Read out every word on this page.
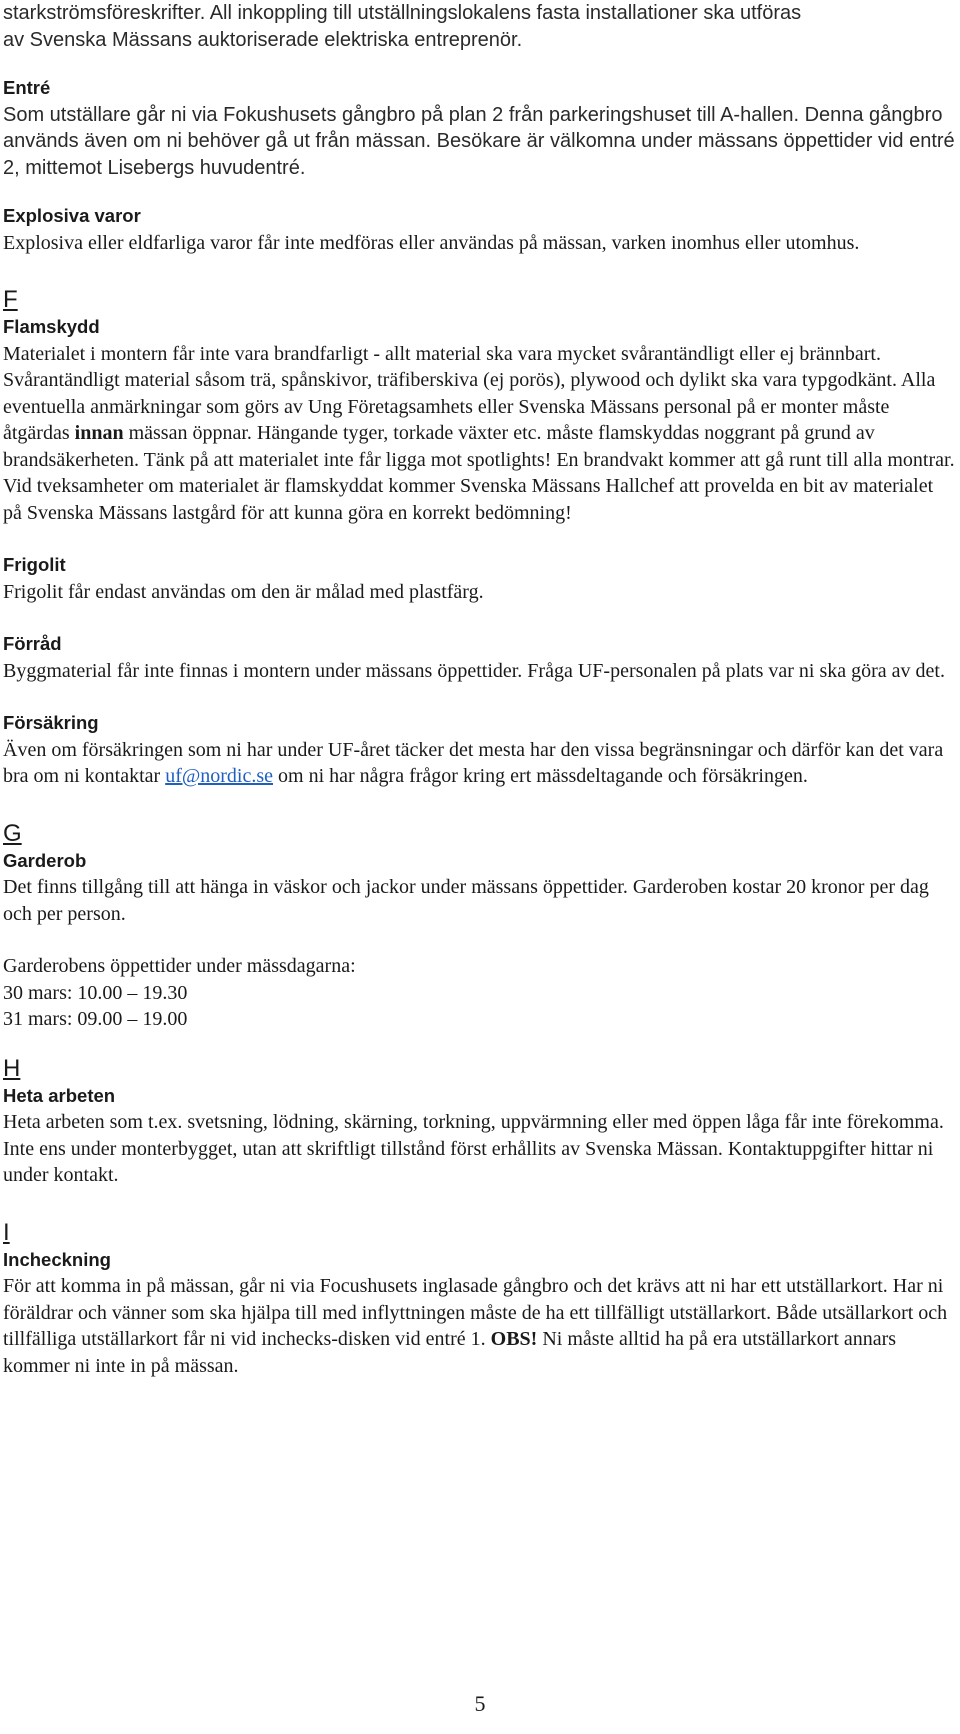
starkströmsföreskrifter. All inkoppling till utställningslokalens fasta installationer ska utföras
av Svenska Mässans auktoriserade elektriska entreprenör.

Entré

Som utställare går ni via Fokushusets gångbro på plan 2 från parkeringshuset till A-hallen. Denna gångbro används även om ni behöver gå ut från mässan. Besökare är välkomna under mässans öppettider vid entré 2, mittemot Lisebergs huvudentré.

Explosiva varor

Explosiva eller eldfarliga varor får inte medföras eller användas på mässan, varken inomhus eller utomhus.

F
Flamskydd

Materialet i montern får inte vara brandfarligt - allt material ska vara mycket svårantändligt eller ej brännbart. Svårantändligt material såsom trä, spånskivor, träfiberskiva (ej porös), plywood och dylikt ska vara typgodkänt. Alla eventuella anmärkningar som görs av Ung Företagsamhets eller Svenska Mässans personal på er monter måste åtgärdas innan mässan öppnar. Hängande tyger, torkade växter etc. måste flamskyddas noggrant på grund av brandsäkerheten. Tänk på att materialet inte får ligga mot spotlights! En brandvakt kommer att gå runt till alla montrar. Vid tveksamheter om materialet är flamskyddat kommer Svenska Mässans Hallchef att provelda en bit av materialet på Svenska Mässans lastgård för att kunna göra en korrekt bedömning!

Frigolit

Frigolit får endast användas om den är målad med plastfärg.

Förråd

Byggmaterial får inte finnas i montern under mässans öppettider. Fråga UF-personalen på plats var ni ska göra av det.

Försäkring

Även om försäkringen som ni har under UF-året täcker det mesta har den vissa begränsningar och därför kan det vara bra om ni kontaktar uf@nordic.se om ni har några frågor kring ert mässdeltagande och försäkringen.

G
Garderob

Det finns tillgång till att hänga in väskor och jackor under mässans öppettider. Garderoben kostar 20 kronor per dag och per person.

Garderobens öppettider under mässdagarna:
30 mars: 10.00 – 19.30
31 mars: 09.00 – 19.00

H
Heta arbeten

Heta arbeten som t.ex. svetsning, lödning, skärning, torkning, uppvärmning eller med öppen låga får inte förekomma. Inte ens under monterbygget, utan att skriftligt tillstånd först erhållits av Svenska Mässan. Kontaktuppgifter hittar ni under kontakt.

I
Incheckning

För att komma in på mässan, går ni via Focushusets inglasade gångbro och det krävs att ni har ett utställarkort. Har ni föräldrar och vänner som ska hjälpa till med inflyttningen måste de ha ett tillfälligt utställarkort. Både utsällarkort och tillfälliga utställarkort får ni vid inchecks-disken vid entré 1. OBS! Ni måste alltid ha på era utställarkort annars kommer ni inte in på mässan.

5
